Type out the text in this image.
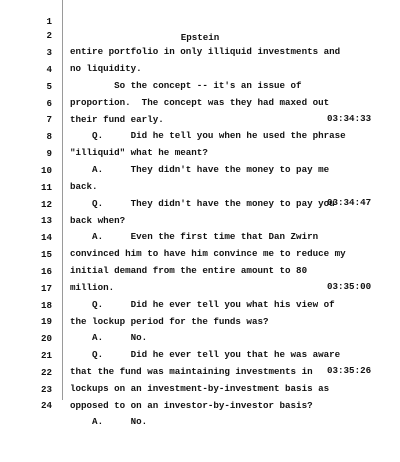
1

Epstein

2

entire portfolio in only illiquid investments and

3

no liquidity.

4

So the concept -- it's an issue of

5

proportion.  The concept was they had maxed out

03:34:33

6

their fund early.

7

Q.     Did he tell you when he used the phrase

8

"illiquid" what he meant?

9

A.     They didn't have the money to pay me

10

back.

03:34:47

11

Q.     They didn't have the money to pay you

12

back when?

13

A.     Even the first time that Dan Zwirn

14

convinced him to have him convince me to reduce my

15

initial demand from the entire amount to 80

03:35:00

16

million.

17

Q.     Did he ever tell you what his view of

18

the lockup period for the funds was?

19

A.     No.

20

Q.     Did he ever tell you that he was aware

03:35:26

21

that the fund was maintaining investments in

22

lockups on an investment-by-investment basis as

23

opposed to on an investor-by-investor basis?

24

A.     No.
